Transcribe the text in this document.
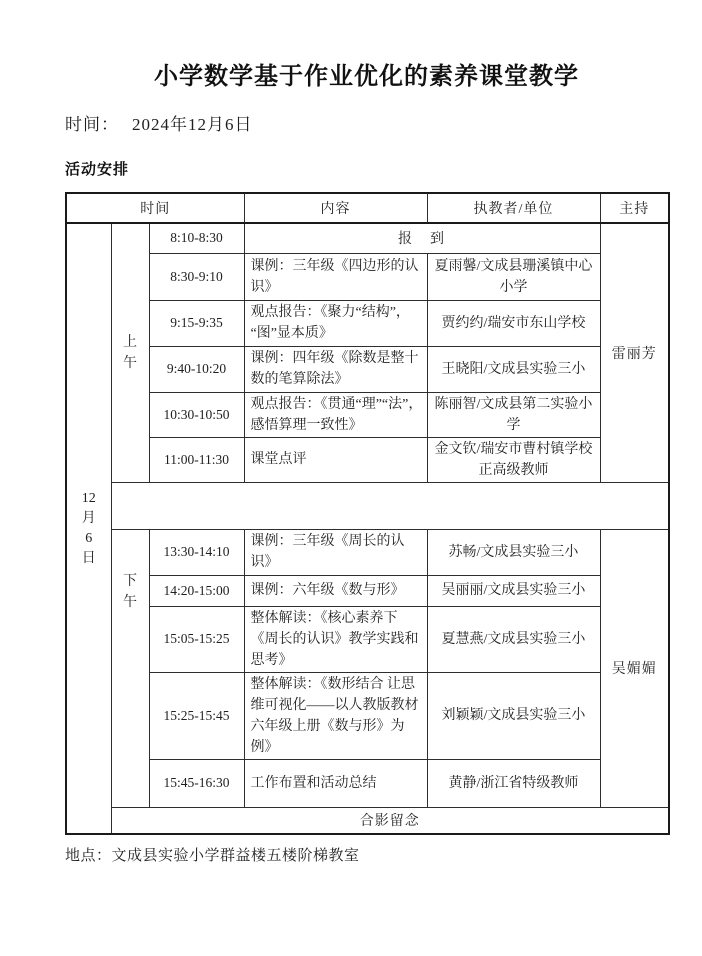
小学数学基于作业优化的素养课堂教学
时间： 2024年12月6日
活动安排
时间			内容	执教者/单位	主持

12
月
6
日	上午	8:10-8:30	报　到		雷丽芳
		8:30-9:10	课例：三年级《四边形的认识》	夏雨馨/文成县珊溪镇中心小学	
		9:15-9:35	观点报告：《聚力“结构”，“图”显本质》	贾约约/瑞安市东山学校	
		9:40-10:20	课例：四年级《除数是整十数的笔算除法》	王晓阳/文成县实验三小	
		10:30-10:50	观点报告：《贯通“理”“法”，感悟算理一致性》	陈丽智/文成县第二实验小学	
		11:00-11:30	课堂点评	金文钦/瑞安市曹村镇学校 正高级教师	

	下午	13:30-14:10	课例：三年级《周长的认识》	苏畅/文成县实验三小	吴媚媚
		14:20-15:00	课例：六年级《数与形》	吴丽丽/文成县实验三小	
		15:05-15:25	整体解读：《核心素养下《周长的认识》教学实践和思考》	夏慧燕/文成县实验三小	
		15:25-15:45	整体解读：《数形结合 让思维可视化——以人教版教材六年级上册《数与形》为例》	刘颖颖/文成县实验三小	
		15:45-16:30	工作布置和活动总结	黄静/浙江省特级教师	
	合影留念				
地点：文成县实验小学群益楼五楼阶梯教室
